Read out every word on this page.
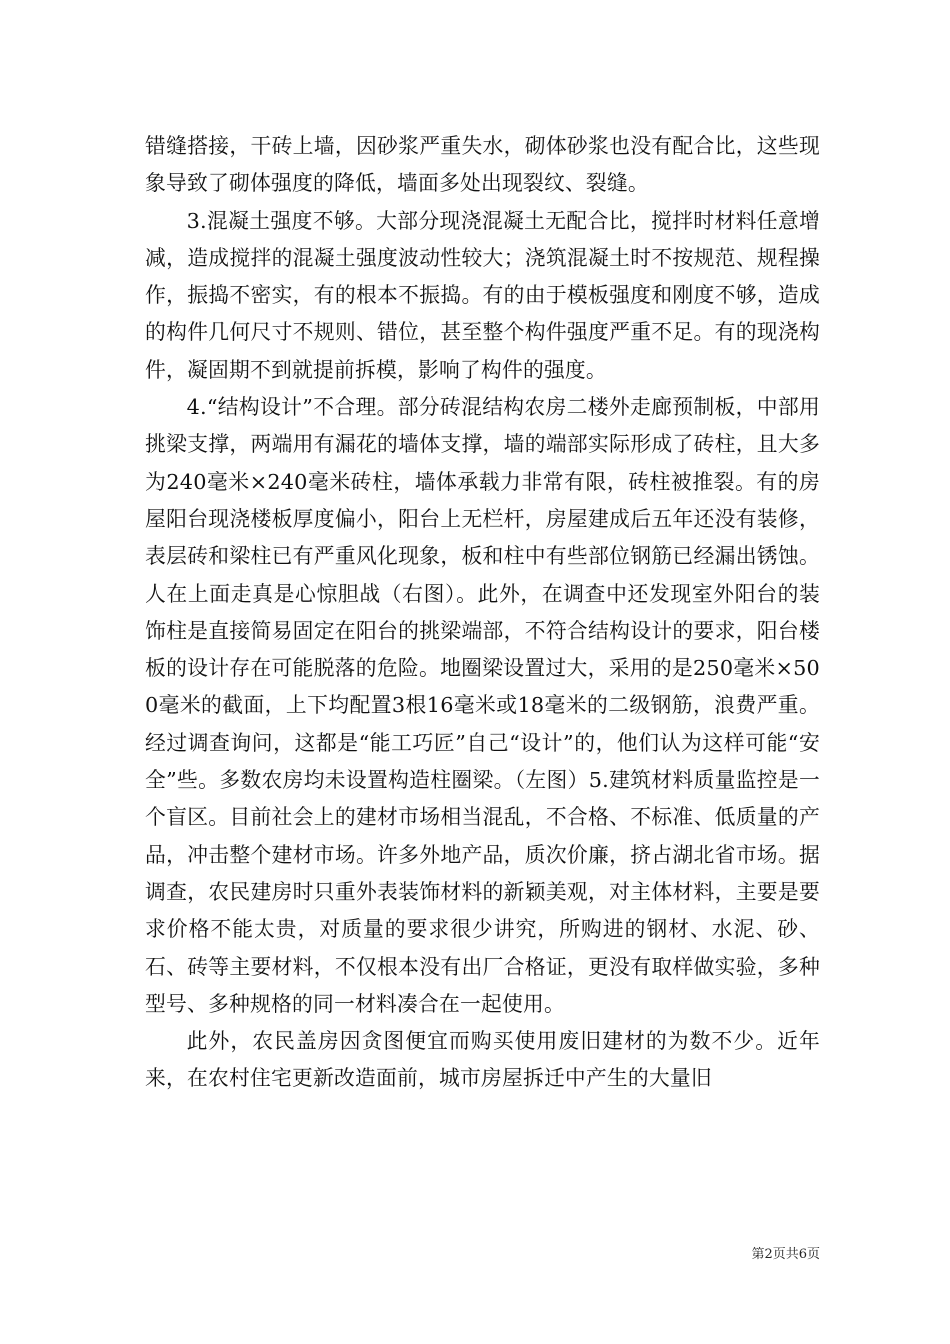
错缝搭接，干砖上墙，因砂浆严重失水，砌体砂浆也没有配合比，这些现象导致了砌体强度的降低，墙面多处出现裂纹、裂缝。

3.混凝土强度不够。大部分现浇混凝土无配合比，搅拌时材料任意增减，造成搅拌的混凝土强度波动性较大；浇筑混凝土时不按规范、规程操作，振捣不密实，有的根本不振捣。有的由于模板强度和刚度不够，造成的构件几何尺寸不规则、错位，甚至整个构件强度严重不足。有的现浇构件，凝固期不到就提前拆模，影响了构件的强度。

4.“结构设计”不合理。部分砖混结构农房二楼外走廊预制板，中部用挑梁支撑，两端用有漏花的墙体支撑，墙的端部实际形成了砖柱，且大多为240毫米×240毫米砖柱，墙体承载力非常有限，砖柱被推裂。有的房屋阳台现浇楼板厚度偏小，阳台上无栏杆，房屋建成后五年还没有装修，表层砖和梁柱已有严重风化现象，板和柱中有些部位钢筋已经漏出锈蚀。人在上面走真是心惊胆战（右图）。此外，在调查中还发现室外阳台的装饰柱是直接简易固定在阳台的挑梁端部，不符合结构设计的要求，阳台楼板的设计存在可能脱落的危险。地圈梁设置过大，采用的是250毫米×500毫米的截面，上下均配置3根16毫米或18毫米的二级钢筋，浪费严重。经过调查询问，这都是“能工巧匠”自己“设计”的，他们认为这样可能“安全”些。多数农房均未设置构造柱圈梁。（左图）5.建筑材料质量监控是一个盲区。目前社会上的建材市场相当混乱，不合格、不标准、低质量的产品，冲击整个建材市场。许多外地产品，质次价廉，挤占湖北省市场。据调查，农民建房时只重外表装饰材料的新颖美观，对主体材料，主要是要求价格不能太贵，对质量的要求很少讲究，所购进的钢材、水泥、砂、石、砖等主要材料，不仅根本没有出厂合格证，更没有取样做实验，多种型号、多种规格的同一材料凑合在一起使用。

此外，农民盖房因贪图便宜而购买使用废旧建材的为数不少。近年来，在农村住宅更新改造面前，城市房屋拆迁中产生的大量旧

第2页共6页
